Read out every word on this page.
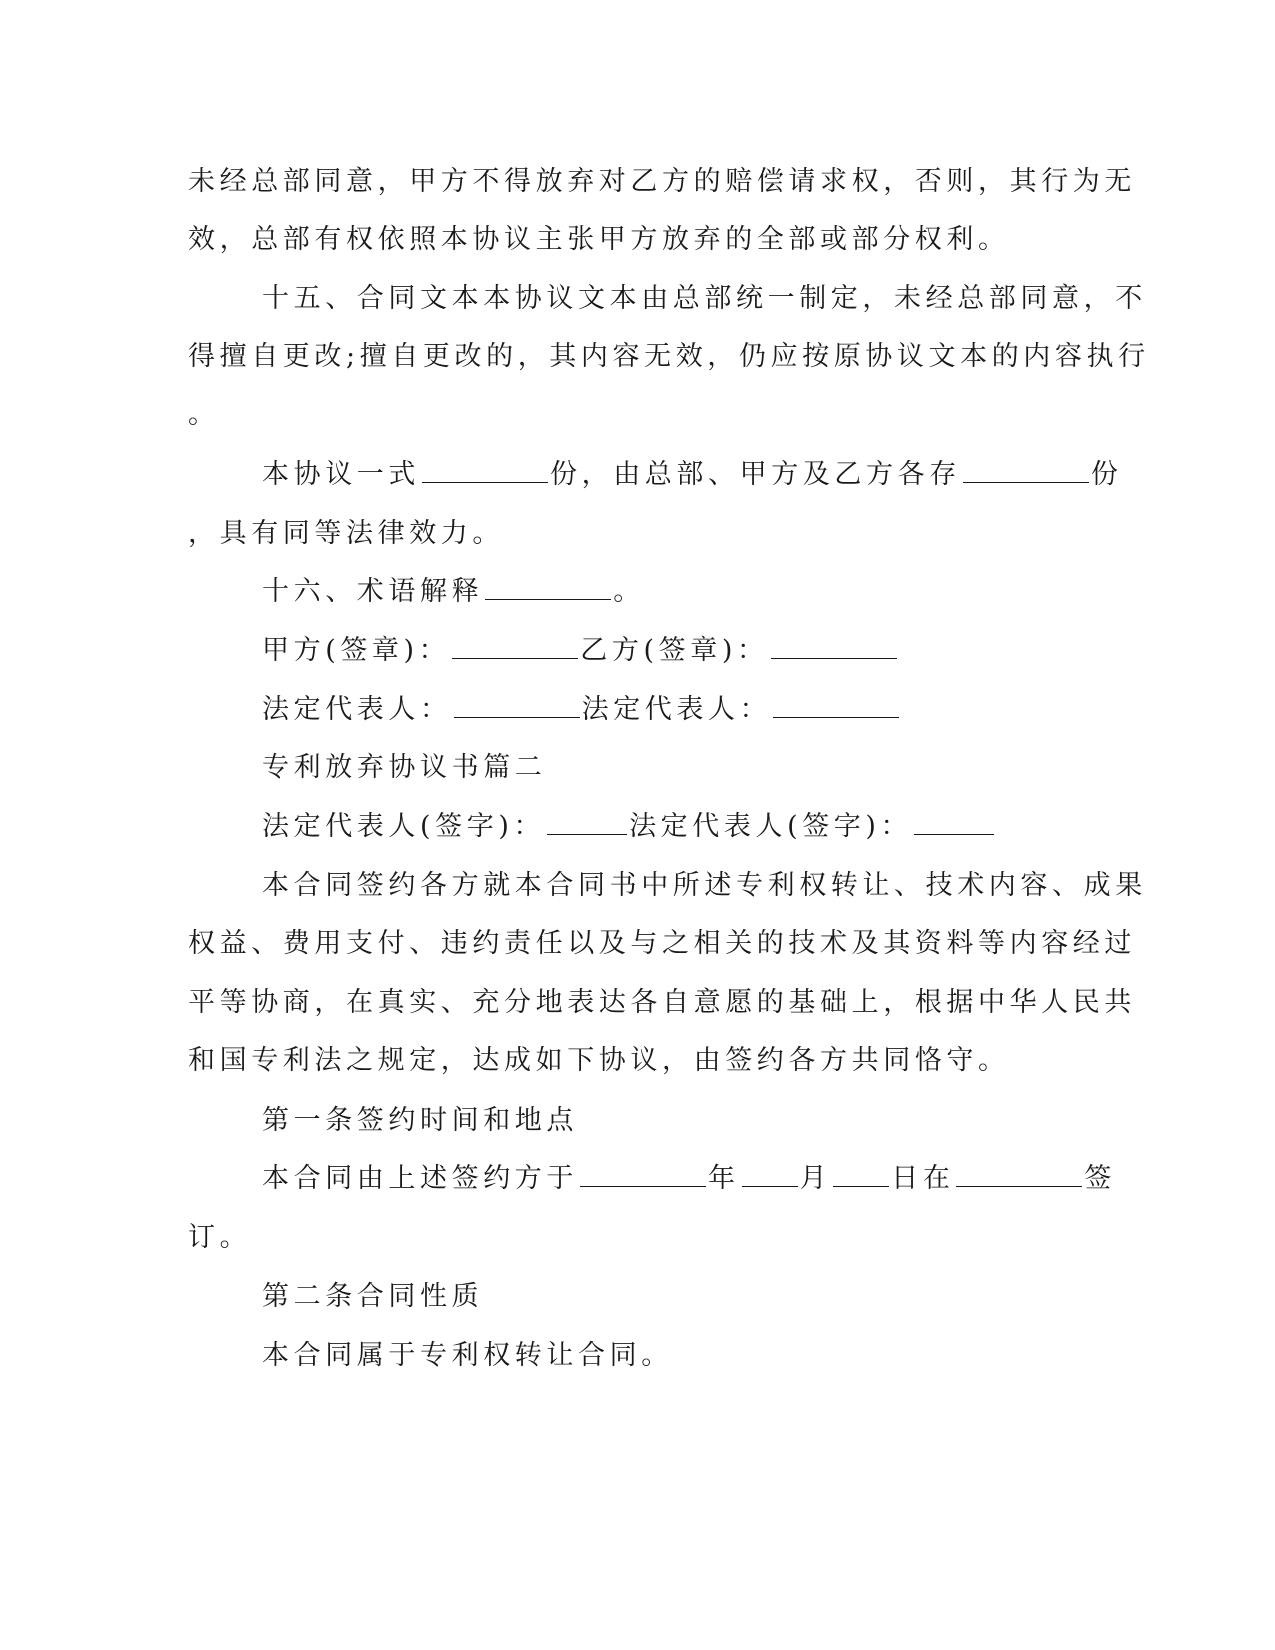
未经总部同意，甲方不得放弃对乙方的赔偿请求权，否则，其行为无
效，总部有权依照本协议主张甲方放弃的全部或部分权利。
十五、合同文本本协议文本由总部统一制定，未经总部同意，不
得擅自更改;擅自更改的，其内容无效，仍应按原协议文本的内容执行
。
本协议一式	份，由总部、甲方及乙方各存	份
，具有同等法律效力。
十六、术语解释	。
甲方(签章)：	乙方(签章)：
法定代表人：	法定代表人：
专利放弃协议书篇二
法定代表人(签字)：	法定代表人(签字)：
本合同签约各方就本合同书中所述专利权转让、技术内容、成果
权益、费用支付、违约责任以及与之相关的技术及其资料等内容经过
平等协商，在真实、充分地表达各自意愿的基础上，根据中华人民共
和国专利法之规定，达成如下协议，由签约各方共同恪守。
第一条签约时间和地点
本合同由上述签约方于	年 月 日在	签
订。
第二条合同性质
本合同属于专利权转让合同。
